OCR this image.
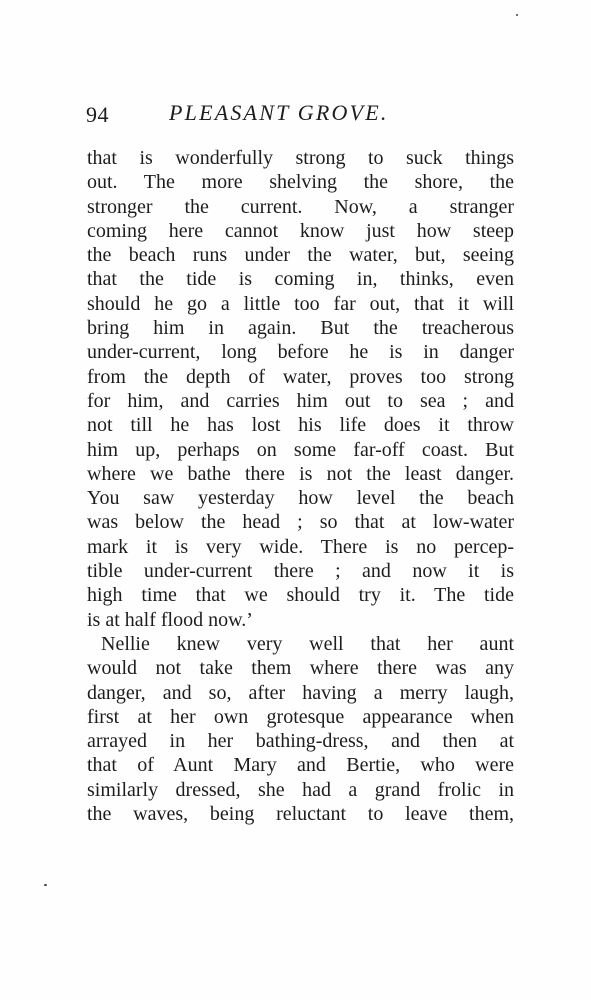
94	PLEASANT GROVE.
that is wonderfully strong to suck things
out. The more shelving the shore, the
stronger the current. Now, a stranger
coming here cannot know just how steep
the beach runs under the water, but, seeing
that the tide is coming in, thinks, even
should he go a little too far out, that it will
bring him in again. But the treacherous
under-current, long before he is in danger
from the depth of water, proves too strong
for him, and carries him out to sea ; and
not till he has lost his life does it throw
him up, perhaps on some far-off coast. But
where we bathe there is not the least danger.
You saw yesterday how level the beach
was below the head ; so that at low-water
mark it is very wide. There is no percep-
tible under-current there ; and now it is
high time that we should try it. The tide
is at half flood now.’
Nellie knew very well that her aunt
would not take them where there was any
danger, and so, after having a merry laugh,
first at her own grotesque appearance when
arrayed in her bathing-dress, and then at
that of Aunt Mary and Bertie, who were
similarly dressed, she had a grand frolic in
the waves, being reluctant to leave them,
